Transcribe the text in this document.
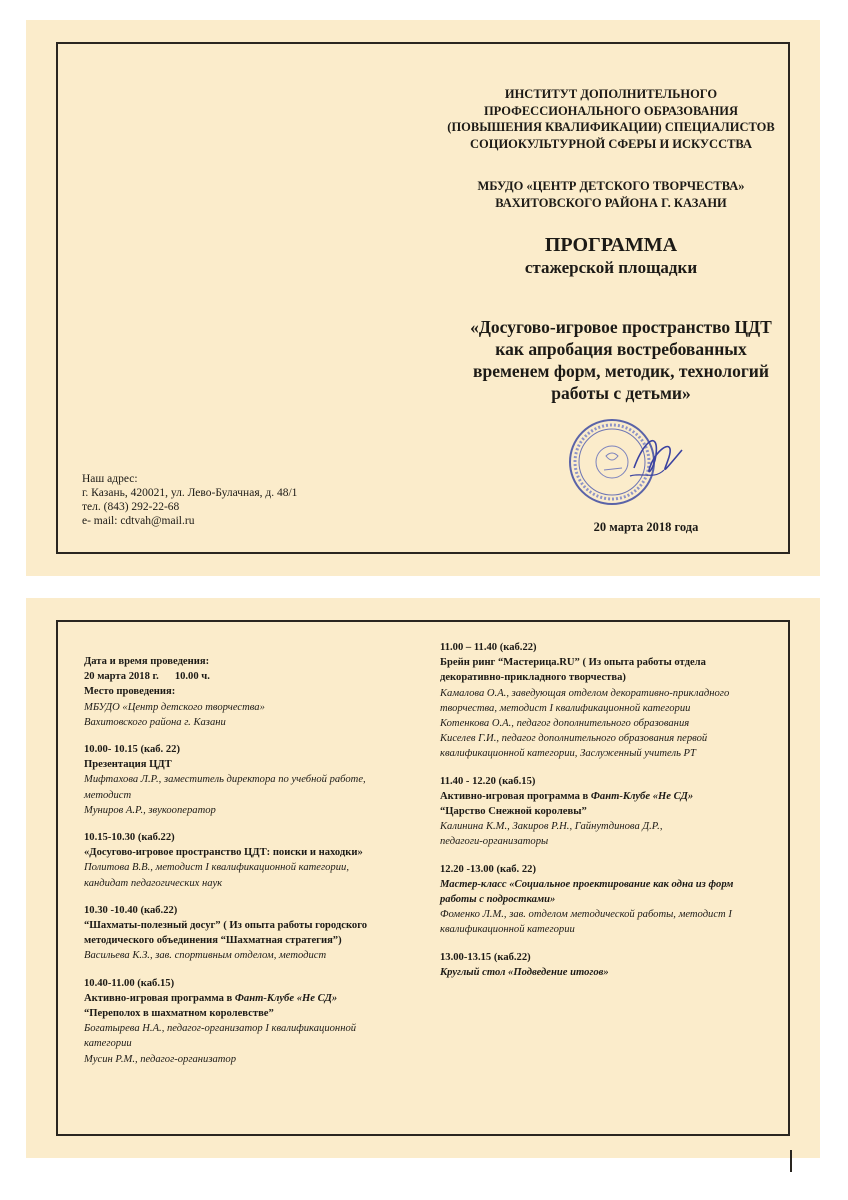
ИНСТИТУТ ДОПОЛНИТЕЛЬНОГО
ПРОФЕССИОНАЛЬНОГО ОБРАЗОВАНИЯ
(ПОВЫШЕНИЯ КВАЛИФИКАЦИИ) СПЕЦИАЛИСТОВ
СОЦИОКУЛЬТУРНОЙ СФЕРЫ И ИСКУССТВА
МБУДО «ЦЕНТР ДЕТСКОГО ТВОРЧЕСТВА»
ВАХИТОВСКОГО РАЙОНА Г. КАЗАНИ
ПРОГРАММА
стажерской площадки
«Досугово-игровое пространство ЦДТ
как апробация востребованных
временем форм, методик, технологий
работы с детьми»
Наш адрес:
г. Казань, 420021, ул. Лево-Булачная, д. 48/1
тел. (843) 292-22-68
e- mail: cdtvah@mail.ru	20 марта 2018 года
Дата и время проведения:
20 марта 2018 г. 10.00 ч.
Место проведения:
МБУДО «Центр детского творчества»
Вахитовского района г. Казани
10.00- 10.15 (каб. 22)
Презентация ЦДТ
Мифтахова Л.Р., заместитель директора по учебной работе,
методист
Муниров А.Р., звукооператор
10.15-10.30 (каб.22)
«Досугово-игровое пространство ЦДТ: поиски и находки»
Политова В.В., методист I квалификационной категории,
кандидат педагогических наук
10.30 -10.40 (каб.22)
“Шахматы-полезный досуг” ( Из опыта работы городского
методического объединения “Шахматная стратегия”)
Васильева К.З., зав. спортивным отделом, методист
10.40-11.00 (каб.15)
Активно-игровая программа в Фант-Клубе «Не СД»
“Переполох в шахматном королевстве”
Богатырева Н.А., педагог-организатор I квалификационной
категории
Мусин Р.М., педагог-организатор
11.00 – 11.40 (каб.22)
Брейн ринг “Мастерица.RU” ( Из опыта работы отдела
декоративно-прикладного творчества)
Камалова О.А., заведующая отделом декоративно-прикладного
творчества, методист I квалификационной категории
Котенкова О.А., педагог дополнительного образования
Киселев Г.И., педагог дополнительного образования первой
квалификационной категории, Заслуженный учитель РТ
11.40 - 12.20 (каб.15)
Активно-игровая программа в Фант-Клубе «Не СД»
“Царство Снежной королевы”
Калинина К.М., Закиров Р.Н., Гайнутдинова Д.Р.,
педагоги-организаторы
12.20 -13.00 (каб. 22)
Мастер-класс «Социальное проектирование как одна из форм
работы с подростками»
Фоменко Л.М., зав. отделом методической работы, методист I
квалификационной категории
13.00-13.15 (каб.22)
Круглый стол «Подведение итогов»
